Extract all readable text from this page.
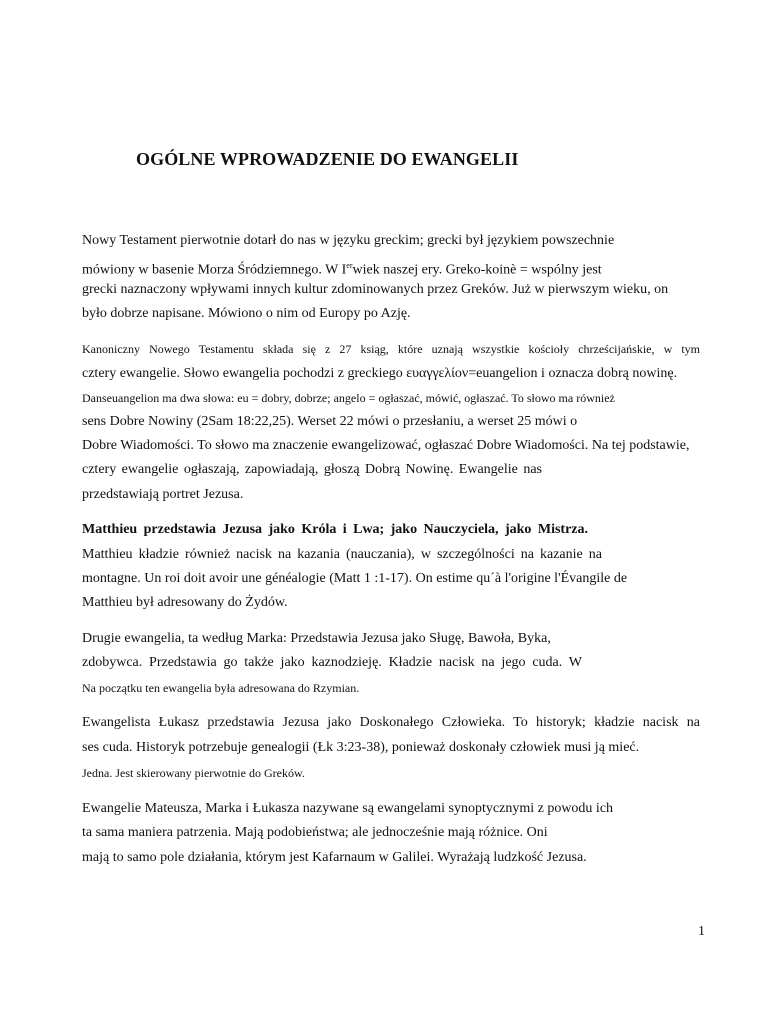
OGÓLNE WPROWADZENIE DO EWANGELII

Nowy Testament pierwotnie dotarł do nas w języku greckim; grecki był językiem powszechnie

mówiony w basenie Morza Śródziemnego. W Ierwiek naszej ery. Greko-koinè = wspólny jest

grecki naznaczony wpływami innych kultur zdominowanych przez Greków. Już w pierwszym wieku, on

było dobrze napisane. Mówiono o nim od Europy po Azję.

Kanoniczny Nowego Testamentu składa się z 27 ksiąg, które uznają wszystkie kościoły chrześcijańskie, w tym

cztery ewangelie. Słowo ewangelia pochodzi z greckiego ευαγγελίον=euangelion i oznacza dobrą nowinę.

Danseuangelion ma dwa słowa: eu = dobry, dobrze; angelo = ogłaszać, mówić, ogłaszać. To słowo ma również

sens Dobre Nowiny (2Sam 18:22,25). Werset 22 mówi o przesłaniu, a werset 25 mówi o

Dobre Wiadomości. To słowo ma znaczenie ewangelizować, ogłaszać Dobre Wiadomości. Na tej podstawie,

cztery ewangelie ogłaszają, zapowiadają, głoszą Dobrą Nowinę. Ewangelie nas

przedstawiają portret Jezusa.

Matthieu przedstawia Jezusa jako Króla i Lwa; jako Nauczyciela, jako Mistrza.

Matthieu kładzie również nacisk na kazania (nauczania), w szczególności na kazanie na

montagne. Un roi doit avoir une généalogie (Matt 1 :1-17). On estime qu´à l'origine l'Évangile de

Matthieu był adresowany do Żydów.

Drugie ewangelia, ta według Marka: Przedstawia Jezusa jako Sługę, Bawoła, Byka,

zdobywca. Przedstawia go także jako kaznodzieję. Kładzie nacisk na jego cuda. W

Na początku ten ewangelia była adresowana do Rzymian.

Ewangelista Łukasz przedstawia Jezusa jako Doskonałego Człowieka. To historyk; kładzie nacisk na

ses cuda. Historyk potrzebuje genealogii (Łk 3:23-38), ponieważ doskonały człowiek musi ją mieć.

Jedna. Jest skierowany pierwotnie do Greków.

Ewangelie Mateusza, Marka i Łukasza nazywane są ewangelami synoptycznymi z powodu ich

ta sama maniera patrzenia. Mają podobieństwa; ale jednocześnie mają różnice. Oni

mają to samo pole działania, którym jest Kafarnaum w Galilei. Wyrażają ludzkość Jezusa.

1
